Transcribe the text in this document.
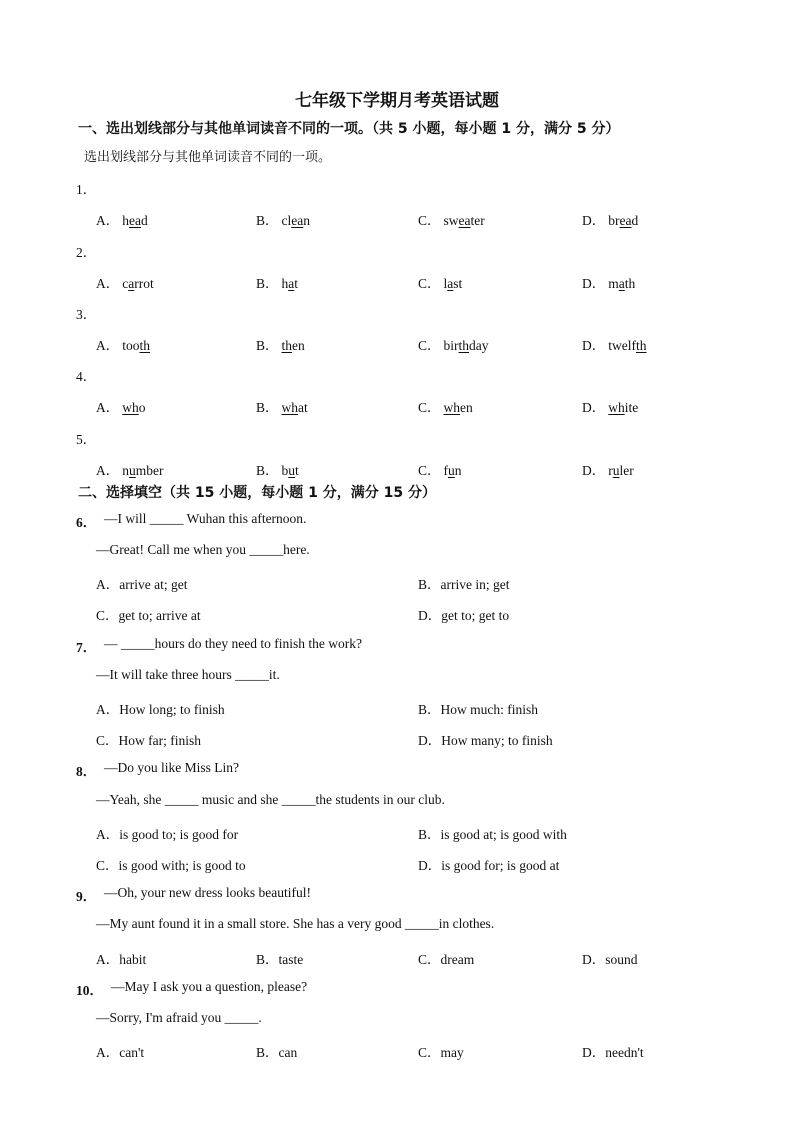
七年级下学期月考英语试题
一、选出划线部分与其他单词读音不同的一项。（共 5 小题，每小题 1 分，满分 5 分）
选出划线部分与其他单词读音不同的一项。
1．
A． head	B． clean	C． sweater	D． bread
2．
A． carrot	B． hat	C． last	D． math
3．
A． tooth	B． then	C． birthday	D． twelfth
4．
A． who	B． what	C． when	D． white
5．
A． number	B． but	C． fun	D． ruler
二、选择填空（共 15 小题，每小题 1 分，满分 15 分）
6． —I will _____ Wuhan this afternoon.
—Great! Call me when you _____here.
A．arrive at; get	B．arrive in; get
C．get to; arrive at	D．get to; get to
7． — _____hours do they need to finish the work?
—It will take three hours _____it.
A．How long; to finish	B．How much: finish
C．How far; finish	D．How many; to finish
8． —Do you like Miss Lin?
—Yeah, she _____ music and she _____the students in our club.
A．is good to; is good for	B．is good at; is good with
C．is good with; is good to	D．is good for; is good at
9． —Oh, your new dress looks beautiful!
—My aunt found it in a small store. She has a very good _____in clothes.
A．habit	B．taste	C．dream	D．sound
10． —May I ask you a question, please?
—Sorry, I'm afraid you _____.
A．can't	B．can	C．may	D．needn't
